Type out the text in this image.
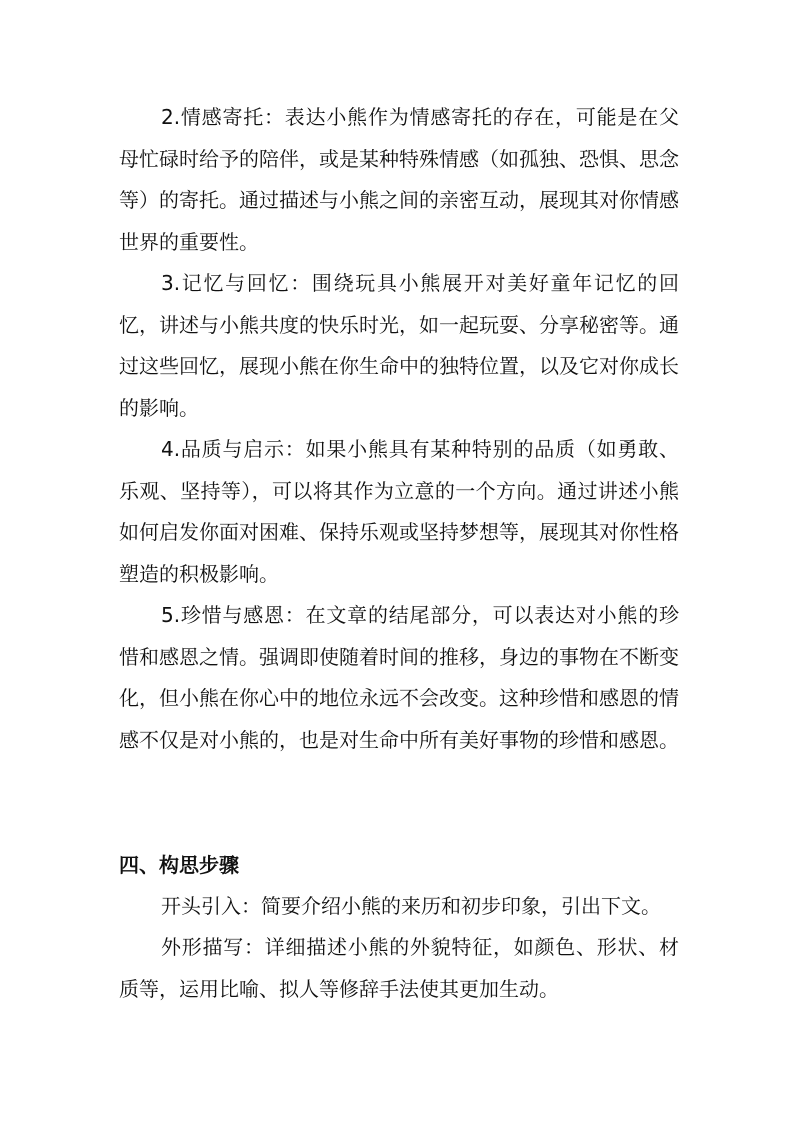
2.情感寄托：表达小熊作为情感寄托的存在，可能是在父母忙碌时给予的陪伴，或是某种特殊情感（如孤独、恐惧、思念等）的寄托。通过描述与小熊之间的亲密互动，展现其对你情感世界的重要性。

3.记忆与回忆：围绕玩具小熊展开对美好童年记忆的回忆，讲述与小熊共度的快乐时光，如一起玩耍、分享秘密等。通过这些回忆，展现小熊在你生命中的独特位置，以及它对你成长的影响。

4.品质与启示：如果小熊具有某种特别的品质（如勇敢、乐观、坚持等），可以将其作为立意的一个方向。通过讲述小熊如何启发你面对困难、保持乐观或坚持梦想等，展现其对你性格塑造的积极影响。

5.珍惜与感恩：在文章的结尾部分，可以表达对小熊的珍惜和感恩之情。强调即使随着时间的推移，身边的事物在不断变化，但小熊在你心中的地位永远不会改变。这种珍惜和感恩的情感不仅是对小熊的，也是对生命中所有美好事物的珍惜和感恩。

四、构思步骤

开头引入：简要介绍小熊的来历和初步印象，引出下文。

外形描写：详细描述小熊的外貌特征，如颜色、形状、材质等，运用比喻、拟人等修辞手法使其更加生动。
